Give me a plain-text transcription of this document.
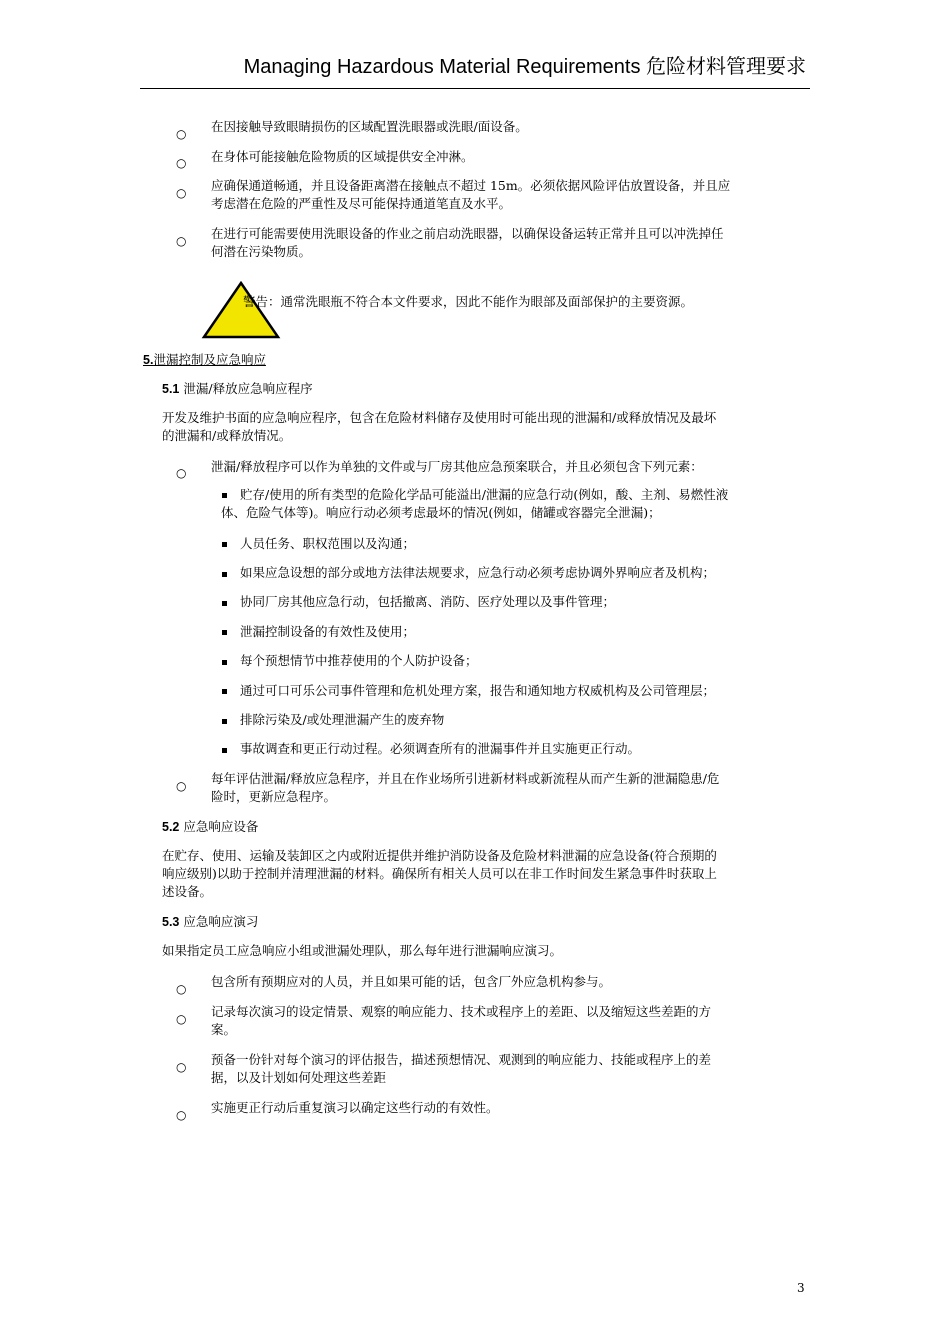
Managing Hazardous Material Requirements 危险材料管理要求
○ 在因接触导致眼睛损伤的区域配置洗眼器或洗眼/面设备。
○ 在身体可能接触危险物质的区域提供安全冲淋。
○ 应确保通道畅通，并且设备距离潜在接触点不超过 15m。必须依据风险评估放置设备，并且应
考虑潜在危险的严重性及尽可能保持通道笔直及水平。
○ 在进行可能需要使用洗眼设备的作业之前启动洗眼器，以确保设备运转正常并且可以冲洗掉任
何潜在污染物质。
警告：通常洗眼瓶不符合本文件要求，因此不能作为眼部及面部保护的主要资源。
5.泄漏控制及应急响应
5.1 泄漏/释放应急响应程序
开发及维护书面的应急响应程序，包含在危险材料储存及使用时可能出现的泄漏和/或释放情况及最坏
的泄漏和/或释放情况。
○ 泄漏/释放程序可以作为单独的文件或与厂房其他应急预案联合，并且必须包含下列元素：
贮存/使用的所有类型的危险化学品可能溢出/泄漏的应急行动(例如，酸、主剂、易燃性液
体、危险气体等)。响应行动必须考虑最坏的情况(例如，储罐或容器完全泄漏)；
人员任务、职权范围以及沟通；
如果应急设想的部分或地方法律法规要求，应急行动必须考虑协调外界响应者及机构；
协同厂房其他应急行动，包括撤离、消防、医疗处理以及事件管理；
泄漏控制设备的有效性及使用；
每个预想情节中推荐使用的个人防护设备；
通过可口可乐公司事件管理和危机处理方案，报告和通知地方权威机构及公司管理层；
排除污染及/或处理泄漏产生的废弃物
事故调查和更正行动过程。必须调查所有的泄漏事件并且实施更正行动。
○ 每年评估泄漏/释放应急程序，并且在作业场所引进新材料或新流程从而产生新的泄漏隐患/危
险时，更新应急程序。
5.2 应急响应设备
在贮存、使用、运输及装卸区之内或附近提供并维护消防设备及危险材料泄漏的应急设备(符合预期的
响应级别)以助于控制并清理泄漏的材料。确保所有相关人员可以在非工作时间发生紧急事件时获取上
述设备。
5.3 应急响应演习
如果指定员工应急响应小组或泄漏处理队，那么每年进行泄漏响应演习。
○ 包含所有预期应对的人员，并且如果可能的话，包含厂外应急机构参与。
○ 记录每次演习的设定情景、观察的响应能力、技术或程序上的差距、以及缩短这些差距的方
案。
○ 预备一份针对每个演习的评估报告，描述预想情况、观测到的响应能力、技能或程序上的差
据，以及计划如何处理这些差距
○ 实施更正行动后重复演习以确定这些行动的有效性。
3
